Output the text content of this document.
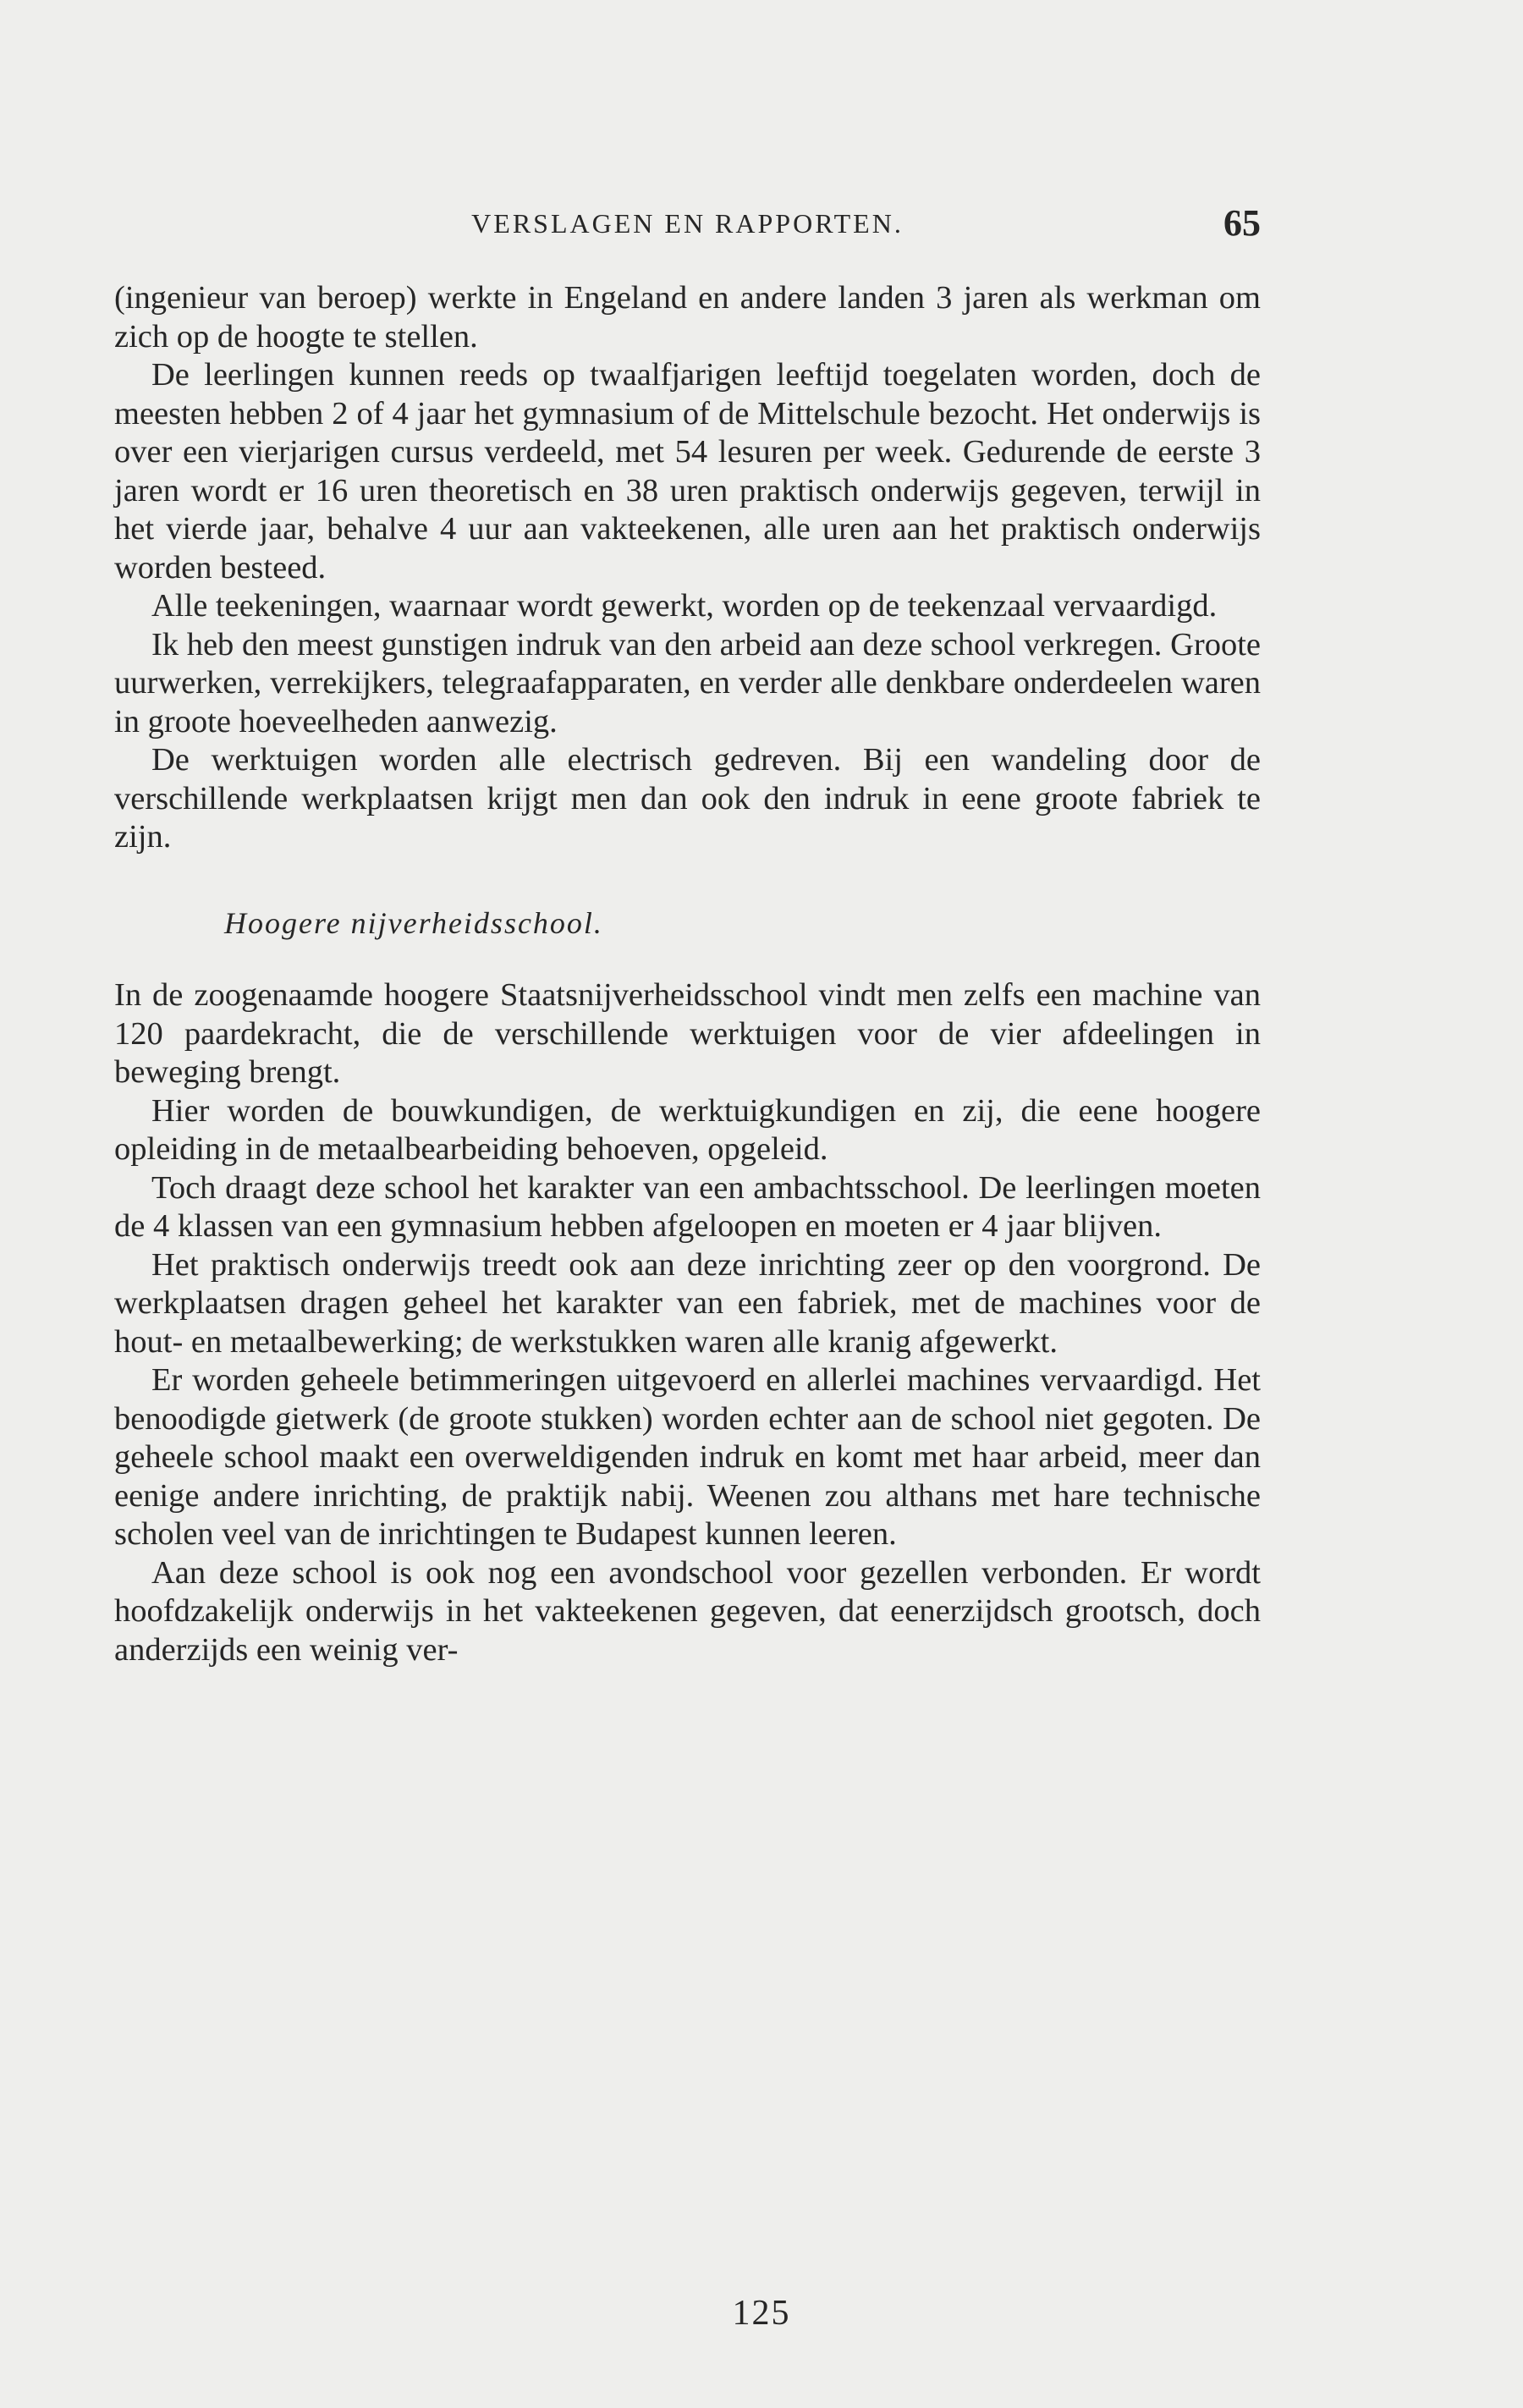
VERSLAGEN EN RAPPORTEN.	65

(ingenieur van beroep) werkte in Engeland en andere landen 3 jaren als werkman om zich op de hoogte te stellen.

De leerlingen kunnen reeds op twaalfjarigen leeftijd toegelaten worden, doch de meesten hebben 2 of 4 jaar het gymnasium of de Mittelschule bezocht. Het onderwijs is over een vierjarigen cursus verdeeld, met 54 lesuren per week. Gedurende de eerste 3 jaren wordt er 16 uren theoretisch en 38 uren praktisch onderwijs gegeven, terwijl in het vierde jaar, behalve 4 uur aan vakteekenen, alle uren aan het praktisch onderwijs worden besteed.

Alle teekeningen, waarnaar wordt gewerkt, worden op de teekenzaal vervaardigd.

Ik heb den meest gunstigen indruk van den arbeid aan deze school verkregen. Groote uurwerken, verrekijkers, telegraafapparaten, en verder alle denkbare onderdeelen waren in groote hoeveelheden aanwezig.

De werktuigen worden alle electrisch gedreven. Bij een wandeling door de verschillende werkplaatsen krijgt men dan ook den indruk in eene groote fabriek te zijn.

Hoogere nijverheidsschool.

In de zoogenaamde hoogere Staatsnijverheidsschool vindt men zelfs een machine van 120 paardekracht, die de verschillende werktuigen voor de vier afdeelingen in beweging brengt.

Hier worden de bouwkundigen, de werktuigkundigen en zij, die eene hoogere opleiding in de metaalbearbeiding behoeven, opgeleid.

Toch draagt deze school het karakter van een ambachtsschool. De leerlingen moeten de 4 klassen van een gymnasium hebben afgeloopen en moeten er 4 jaar blijven.

Het praktisch onderwijs treedt ook aan deze inrichting zeer op den voorgrond. De werkplaatsen dragen geheel het karakter van een fabriek, met de machines voor de hout- en metaalbewerking; de werkstukken waren alle kranig afgewerkt.

Er worden geheele betimmeringen uitgevoerd en allerlei machines vervaardigd. Het benoodigde gietwerk (de groote stukken) worden echter aan de school niet gegoten. De geheele school maakt een overweldigenden indruk en komt met haar arbeid, meer dan eenige andere inrichting, de praktijk nabij. Weenen zou althans met hare technische scholen veel van de inrichtingen te Budapest kunnen leeren.

Aan deze school is ook nog een avondschool voor gezellen verbonden. Er wordt hoofdzakelijk onderwijs in het vakteekenen gegeven, dat eenerzijdsch grootsch, doch anderzijds een weinig ver-

125
